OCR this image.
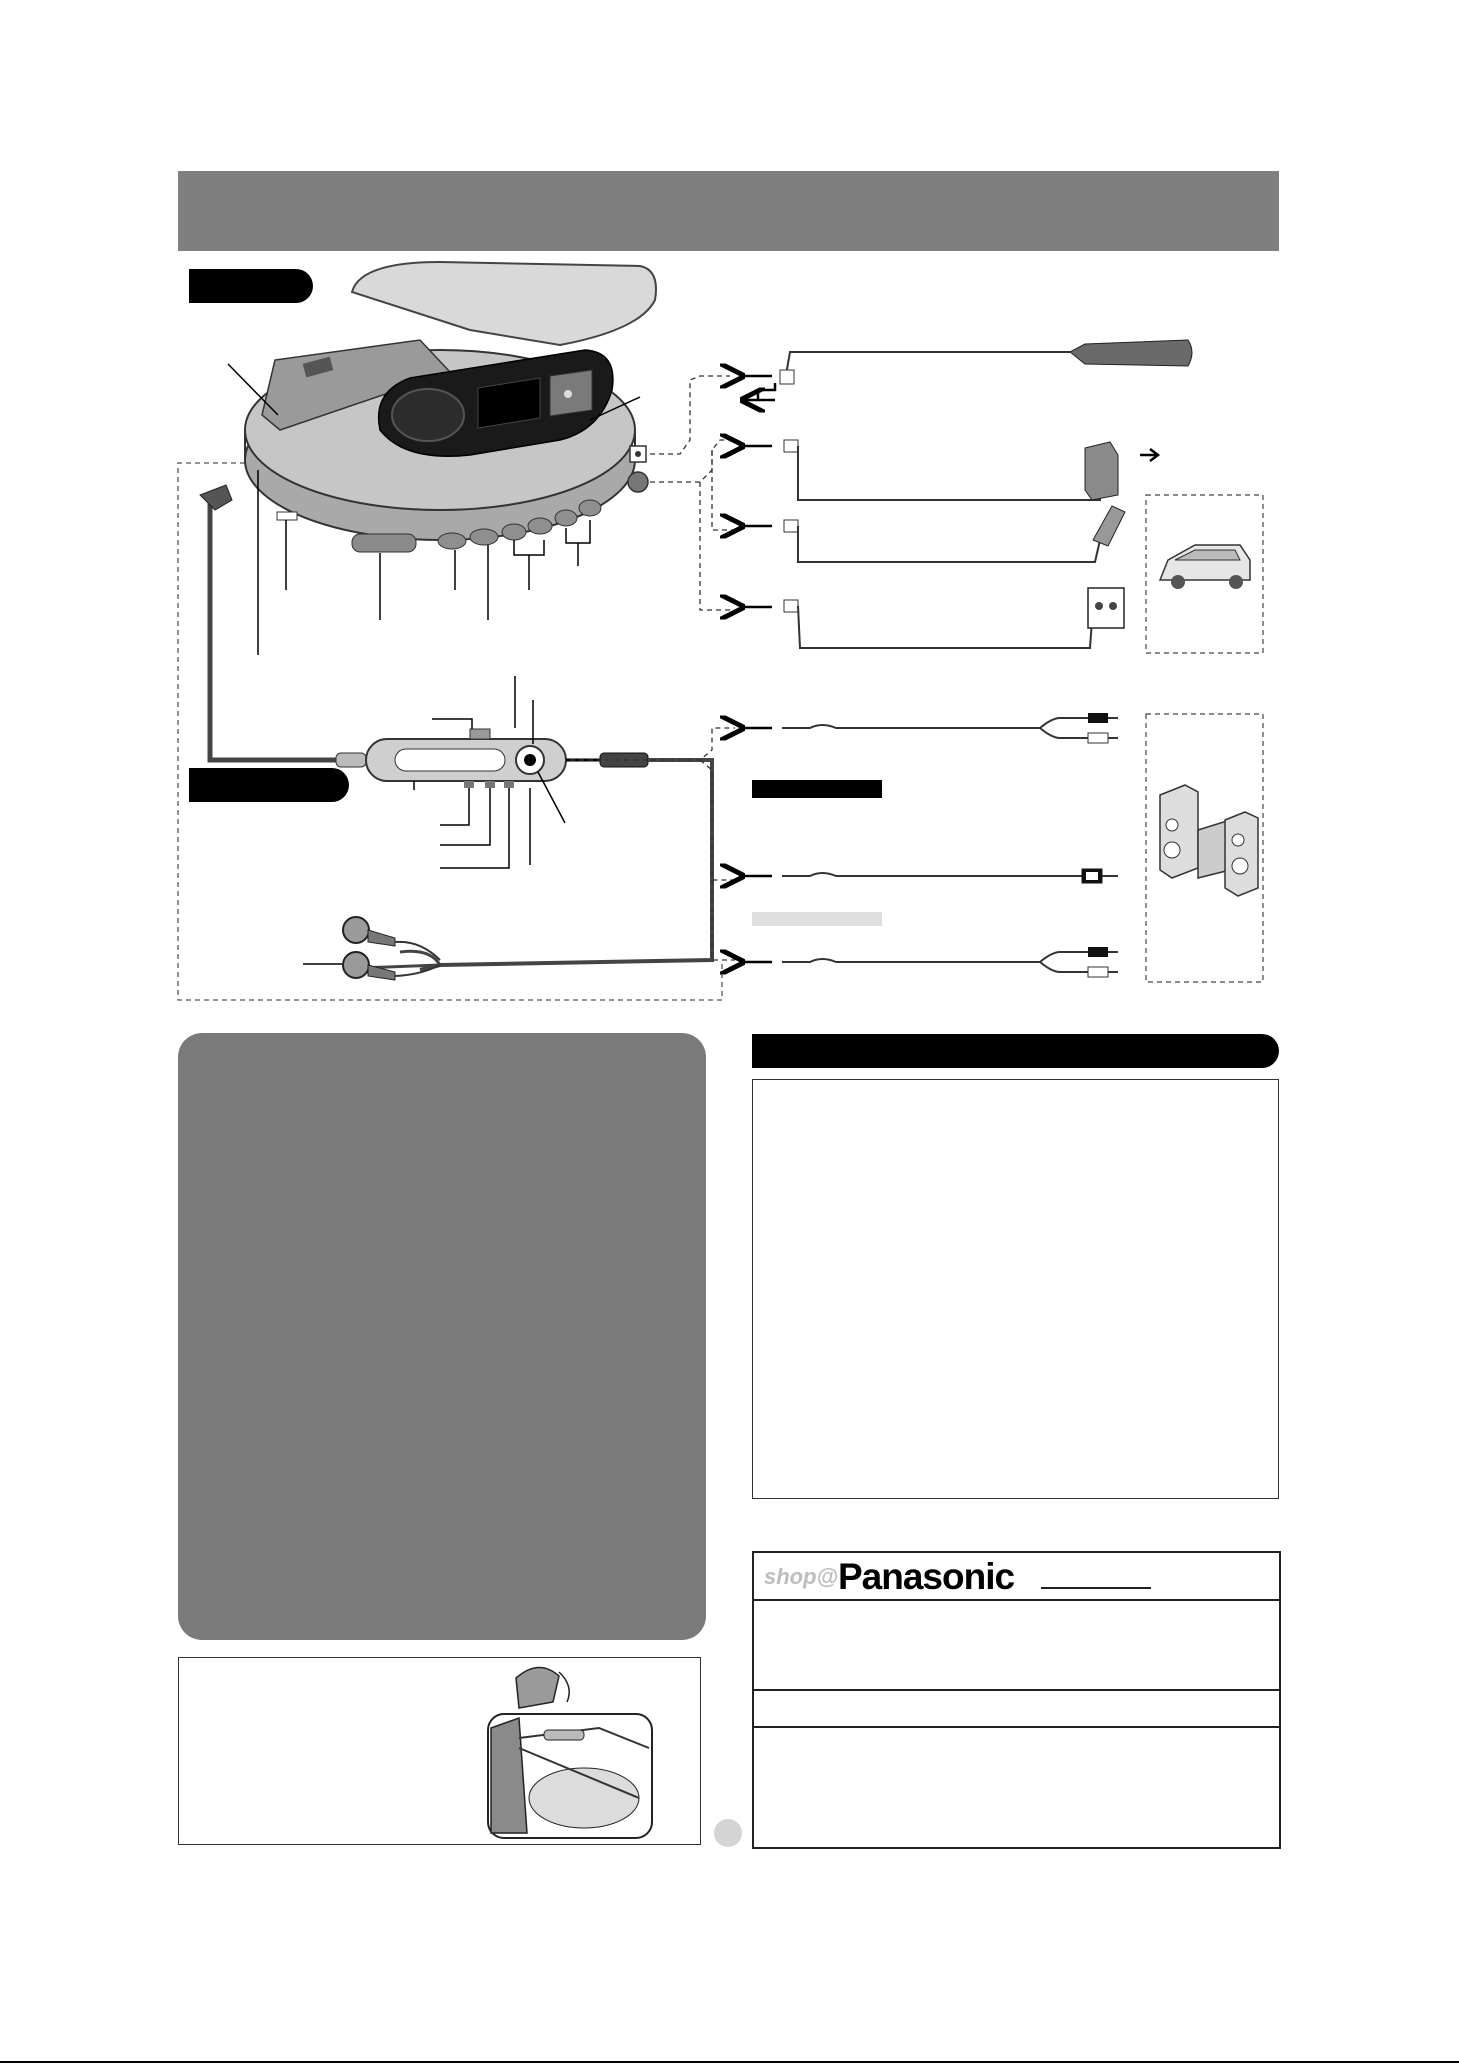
shop@ Panasonic
